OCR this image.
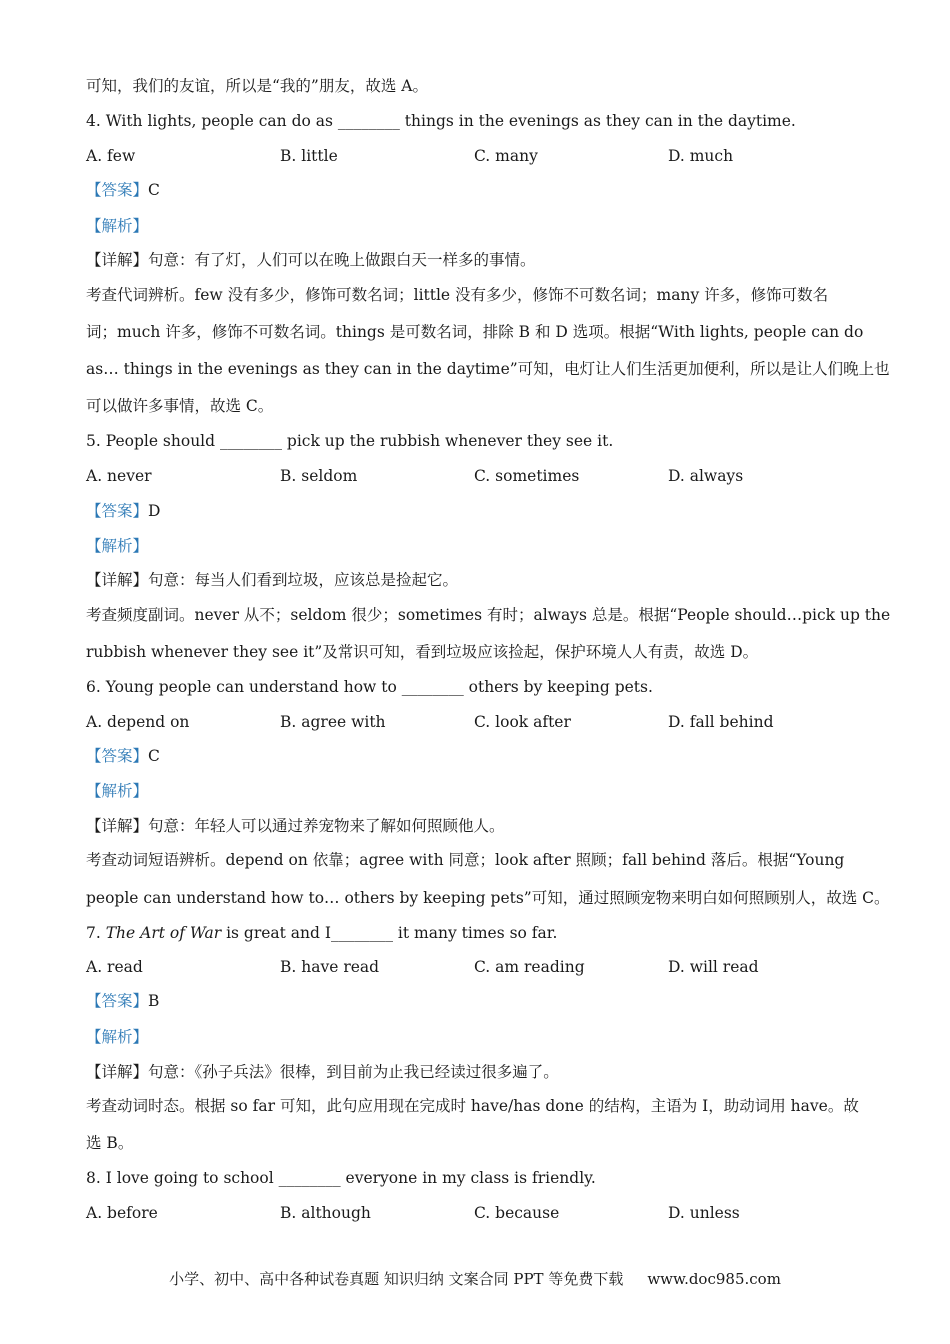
可知，我们的友谊，所以是“我的”朋友，故选 A。
4. With lights, people can do as ________ things in the evenings as they can in the daytime.
A. few	B. little	C. many	D. much
【答案】C
【解析】
【详解】句意：有了灯，人们可以在晚上做跟白天一样多的事情。
考查代词辨析。few 没有多少，修饰可数名词；little 没有多少，修饰不可数名词；many 许多，修饰可数名
词；much 许多，修饰不可数名词。things 是可数名词，排除 B 和 D 选项。根据“With lights, people can do
as… things in the evenings as they can in the daytime”可知，电灯让人们生活更加便利，所以是让人们晚上也
可以做许多事情，故选 C。
5. People should ________ pick up the rubbish whenever they see it.
A. never	B. seldom	C. sometimes	D. always
【答案】D
【解析】
【详解】句意：每当人们看到垃圾，应该总是捡起它。
考查频度副词。never 从不；seldom 很少；sometimes 有时；always 总是。根据“People should…pick up the
rubbish whenever they see it”及常识可知，看到垃圾应该捡起，保护环境人人有责，故选 D。
6. Young people can understand how to ________ others by keeping pets.
A. depend on	B. agree with	C. look after	D. fall behind
【答案】C
【解析】
【详解】句意：年轻人可以通过养宠物来了解如何照顾他人。
考查动词短语辨析。depend on 依靠；agree with 同意；look after 照顾；fall behind 落后。根据“Young
people can understand how to… others by keeping pets”可知，通过照顾宠物来明白如何照顾别人，故选 C。
7. The Art of War is great and I________ it many times so far.
A. read	B. have read	C. am reading	D. will read
【答案】B
【解析】
【详解】句意：《孙子兵法》很棒，到目前为止我已经读过很多遍了。
考查动词时态。根据 so far 可知，此句应用现在完成时 have/has done 的结构，主语为 I，助动词用 have。故
选 B。
8. I love going to school ________ everyone in my class is friendly.
A. before	B. although	C. because	D. unless
小学、初中、高中各种试卷真题 知识归纳 文案合同 PPT 等免费下载 www.doc985.com
